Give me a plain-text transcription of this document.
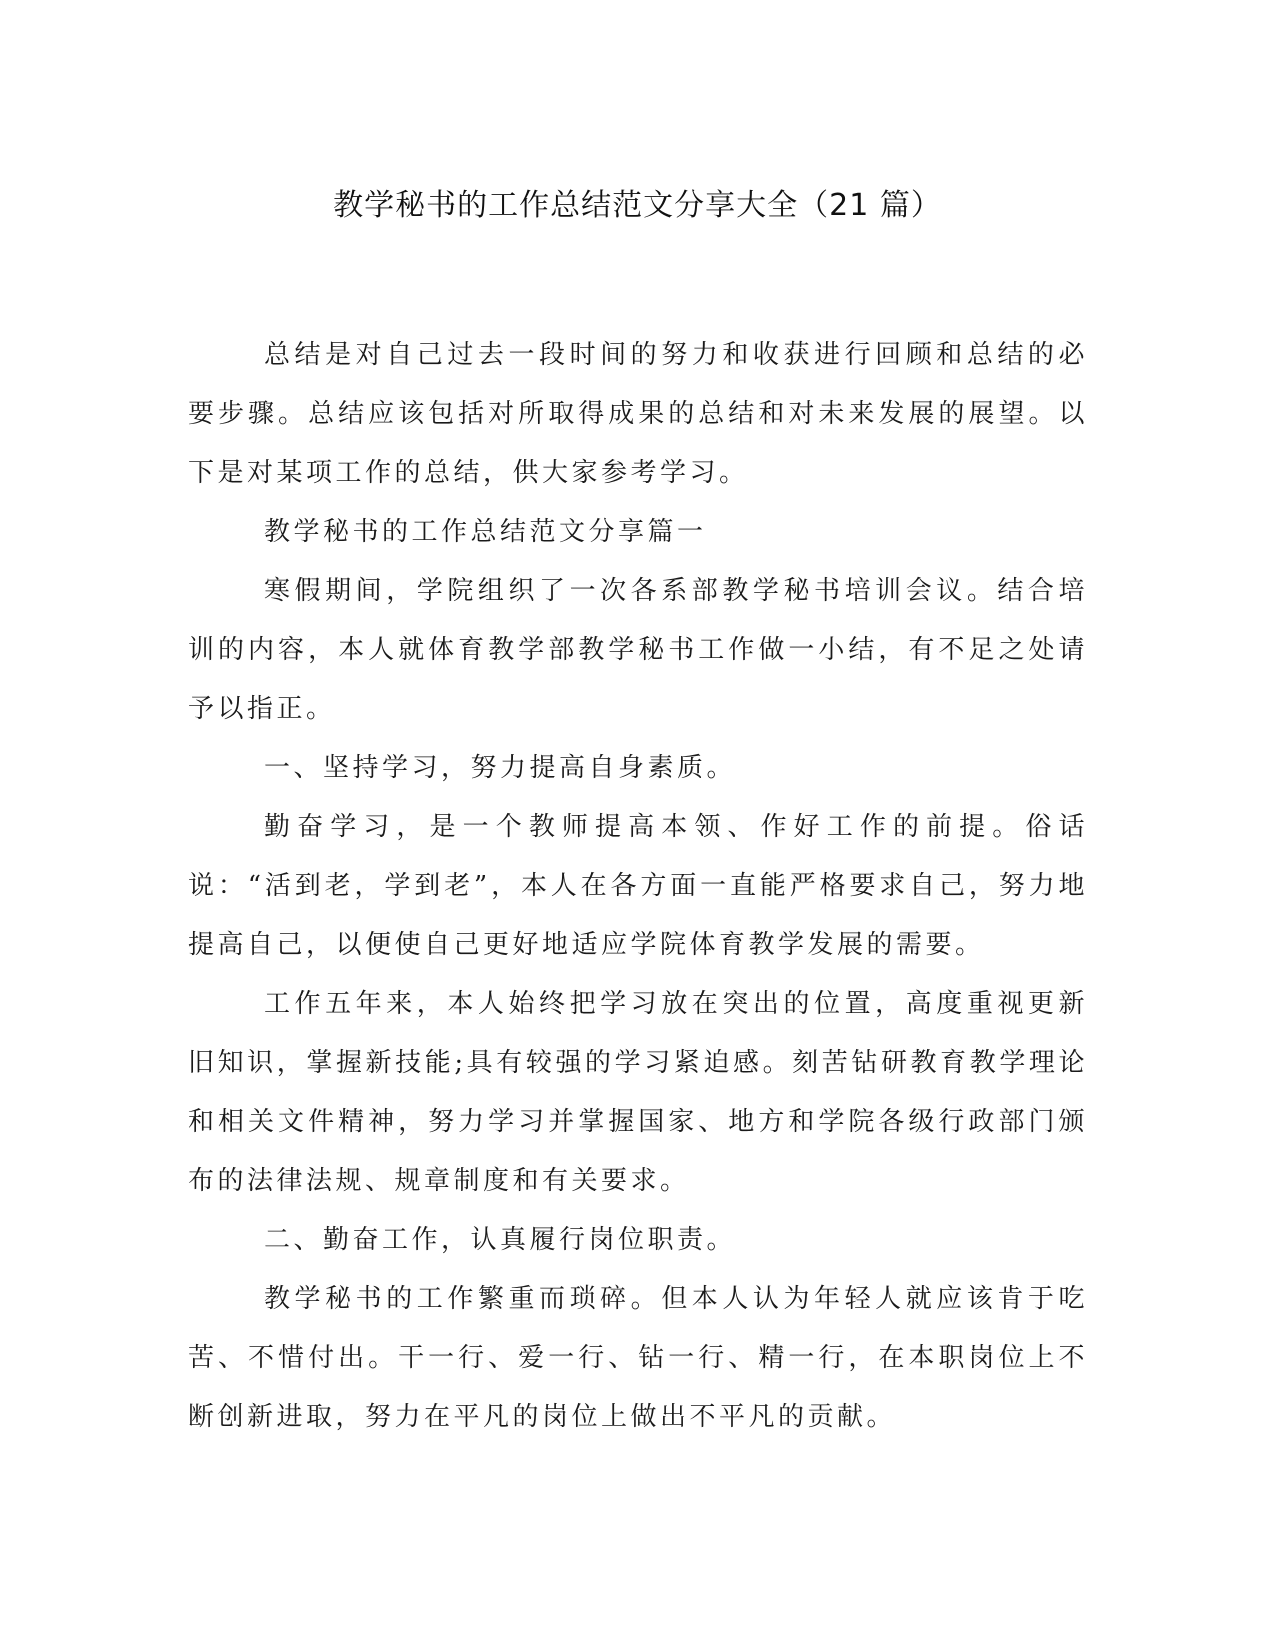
教学秘书的工作总结范文分享大全（21 篇）

总结是对自己过去一段时间的努力和收获进行回顾和总结的必要步骤。总结应该包括对所取得成果的总结和对未来发展的展望。以下是对某项工作的总结，供大家参考学习。

教学秘书的工作总结范文分享篇一

寒假期间，学院组织了一次各系部教学秘书培训会议。结合培训的内容，本人就体育教学部教学秘书工作做一小结，有不足之处请予以指正。

一、坚持学习，努力提高自身素质。

勤奋学习，是一个教师提高本领、作好工作的前提。俗话说：“活到老，学到老”，本人在各方面一直能严格要求自己，努力地提高自己，以便使自己更好地适应学院体育教学发展的需要。

工作五年来，本人始终把学习放在突出的位置，高度重视更新旧知识，掌握新技能;具有较强的学习紧迫感。刻苦钻研教育教学理论和相关文件精神，努力学习并掌握国家、地方和学院各级行政部门颁布的法律法规、规章制度和有关要求。

二、勤奋工作，认真履行岗位职责。

教学秘书的工作繁重而琐碎。但本人认为年轻人就应该肯于吃苦、不惜付出。干一行、爱一行、钻一行、精一行，在本职岗位上不断创新进取，努力在平凡的岗位上做出不平凡的贡献。
